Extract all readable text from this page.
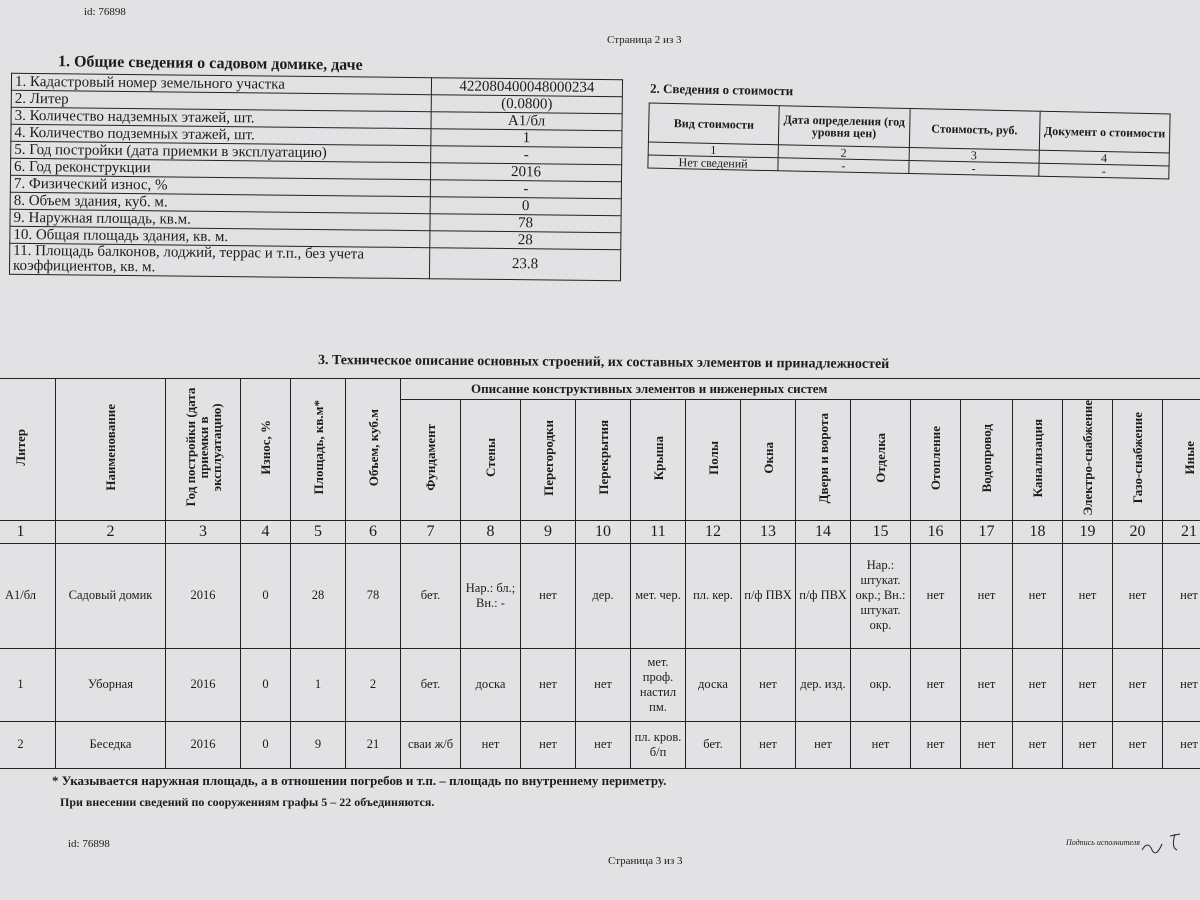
id: 76898
Страница 2 из 3
1. Общие сведения о садовом домике, даче
1. Кадастровый номер земельного участка	422080400048000234
2. Литер	(0.0800)
3. Количество надземных этажей, шт.	А1/бл
4. Количество подземных этажей, шт.	1
5. Год постройки (дата приемки в эксплуатацию)	-
6. Год реконструкции	2016
7. Физический износ, %	-
8. Объем здания, куб. м.	0
9. Наружная площадь, кв.м.	78
10. Общая площадь здания, кв. м.	28
11. Площадь балконов, лоджий, террас и т.п., без учета коэффициентов, кв. м.	23.8
2. Сведения о стоимости
Вид стоимости	Дата определения (год уровня цен)	Стоимость, руб.	Документ о стоимости
1	2	3	4
Нет сведений	-	-	-
3. Техническое описание основных строений, их составных элементов и принадлежностей
Литер	Наименование	Год постройки (дата приемки в эксплуатацию)	Износ, %	Площадь, кв.м*	Объем, куб.м	Описание конструктивных элементов и инженерных систем														
						Фундамент	Стены	Перегородки	Перекрытия	Крыша	Полы	Окна	Двери и ворота	Отделка	Отопление	Водопровод	Канализация	Электро-снабжение	Газо-снабжение	Иные
1	2	3	4	5	6	7	8	9	10	11	12	13	14	15	16	17	18	19	20	21
А1/бл	Садовый домик	2016	0	28	78	бет.	Нар.: бл.; Вн.: -	нет	дер.	мет. чер.	пл. кер.	п/ф ПВХ	п/ф ПВХ	Нар.: штукат. окр.; Вн.: штукат. окр.	нет	нет	нет	нет	нет	нет
1	Уборная	2016	0	1	2	бет.	доска	нет	нет	мет. проф. настил пм.	доска	нет	дер. изд.	окр.	нет	нет	нет	нет	нет	нет
2	Беседка	2016	0	9	21	сваи ж/б	нет	нет	нет	пл. кров. б/п	бет.	нет	нет	нет	нет	нет	нет	нет	нет	нет
* Указывается наружная площадь, а в отношении погребов и т.п. – площадь по внутреннему периметру.
При внесении сведений по сооружениям графы 5 – 22 объединяются.
id: 76898
Страница 3 из 3
Подпись исполнителя
